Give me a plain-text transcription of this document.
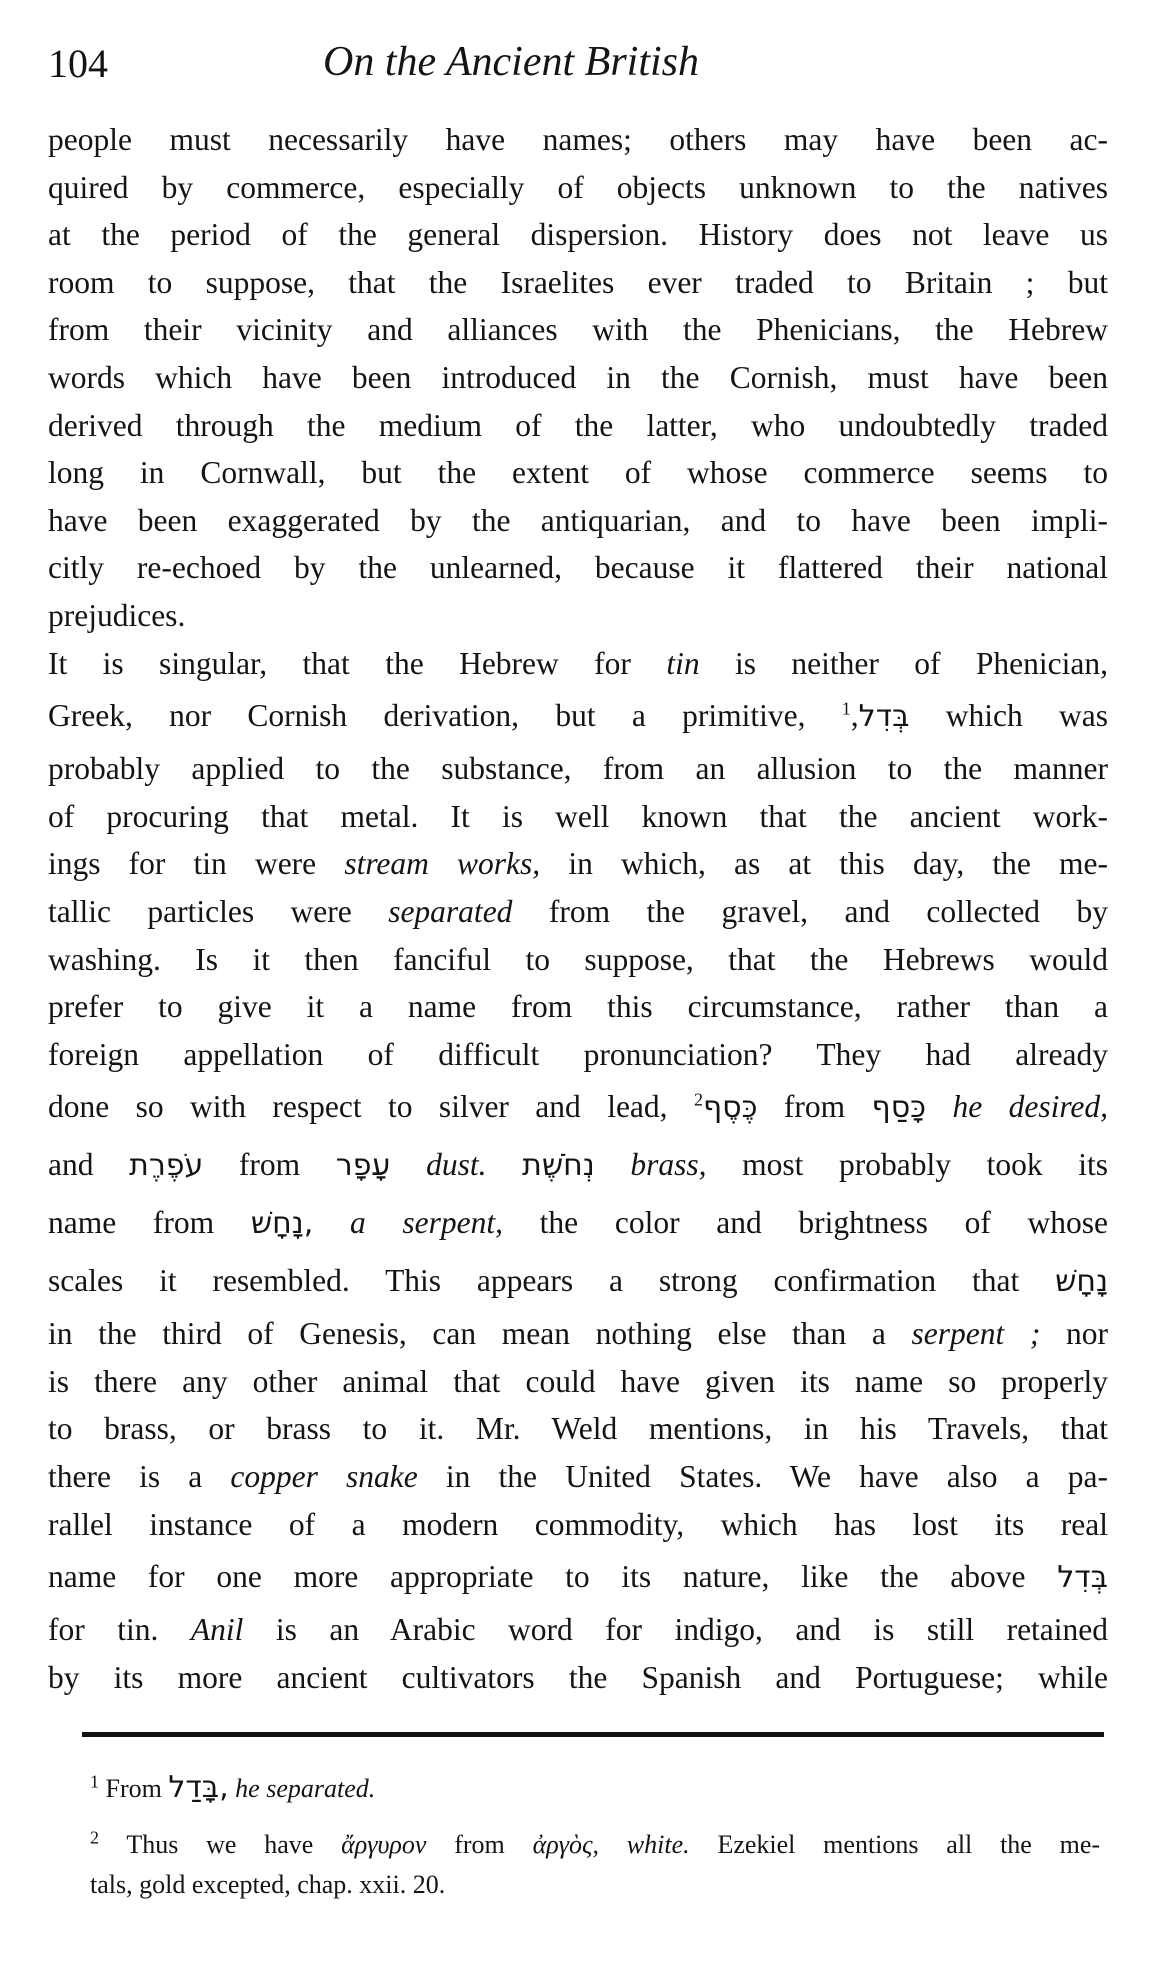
104	On the Ancient British
people must necessarily have names; others may have been ac-
quired by commerce, especially of objects unknown to the natives
at the period of the general dispersion. History does not leave us
room to suppose, that the Israelites ever traded to Britain ; but
from their vicinity and alliances with the Phenicians, the Hebrew
words which have been introduced in the Cornish, must have been
derived through the medium of the latter, who undoubtedly traded
long in Cornwall, but the extent of whose commerce seems to
have been exaggerated by the antiquarian, and to have been impli-
citly re-echoed by the unlearned, because it flattered their national
prejudices.
It is singular, that the Hebrew for tin is neither of Phenician,
Greek, nor Cornish derivation, but a primitive, בְּדִל,$^1$	which was
probably applied to the substance, from an allusion to the manner
of procuring that metal. It is well known that the ancient work-
ings for tin were stream works, in which, as at this day, the me-
tallic particles were separated from the gravel, and collected by
washing. Is it then fanciful to suppose, that the Hebrews would
prefer to give it a name from this circumstance, rather than a
foreign appellation of difficult pronunciation? They had already
done so with respect to silver and lead, כֶּסֶף$^2$	from כָּסַף he desired,
and עֹפֶרֶת from עָפָר dust. נְחֹשֶׁת brass, most probably took its
name from נָחָשׁ, a serpent, the color and brightness of whose
scales it resembled. This appears a strong confirmation that נָחָשׁ
in the third of Genesis, can mean nothing else than a serpent ; nor
is there any other animal that could have given its name so properly
to brass, or brass to it. Mr. Weld mentions, in his Travels, that
there is a copper snake in the United States. We have also a pa-
rallel instance of a modern commodity, which has lost its real
name for one more appropriate to its nature, like the above בְּדִל
for tin. Anil is an Arabic word for indigo, and is still retained
by its more ancient cultivators the Spanish and Portuguese; while
$^1$ From בָּדַל, he separated.
$^2$ Thus we have ἄργυρον from ἀργὸς, white. Ezekiel mentions all the me-
tals, gold excepted, chap. xxii. 20.
